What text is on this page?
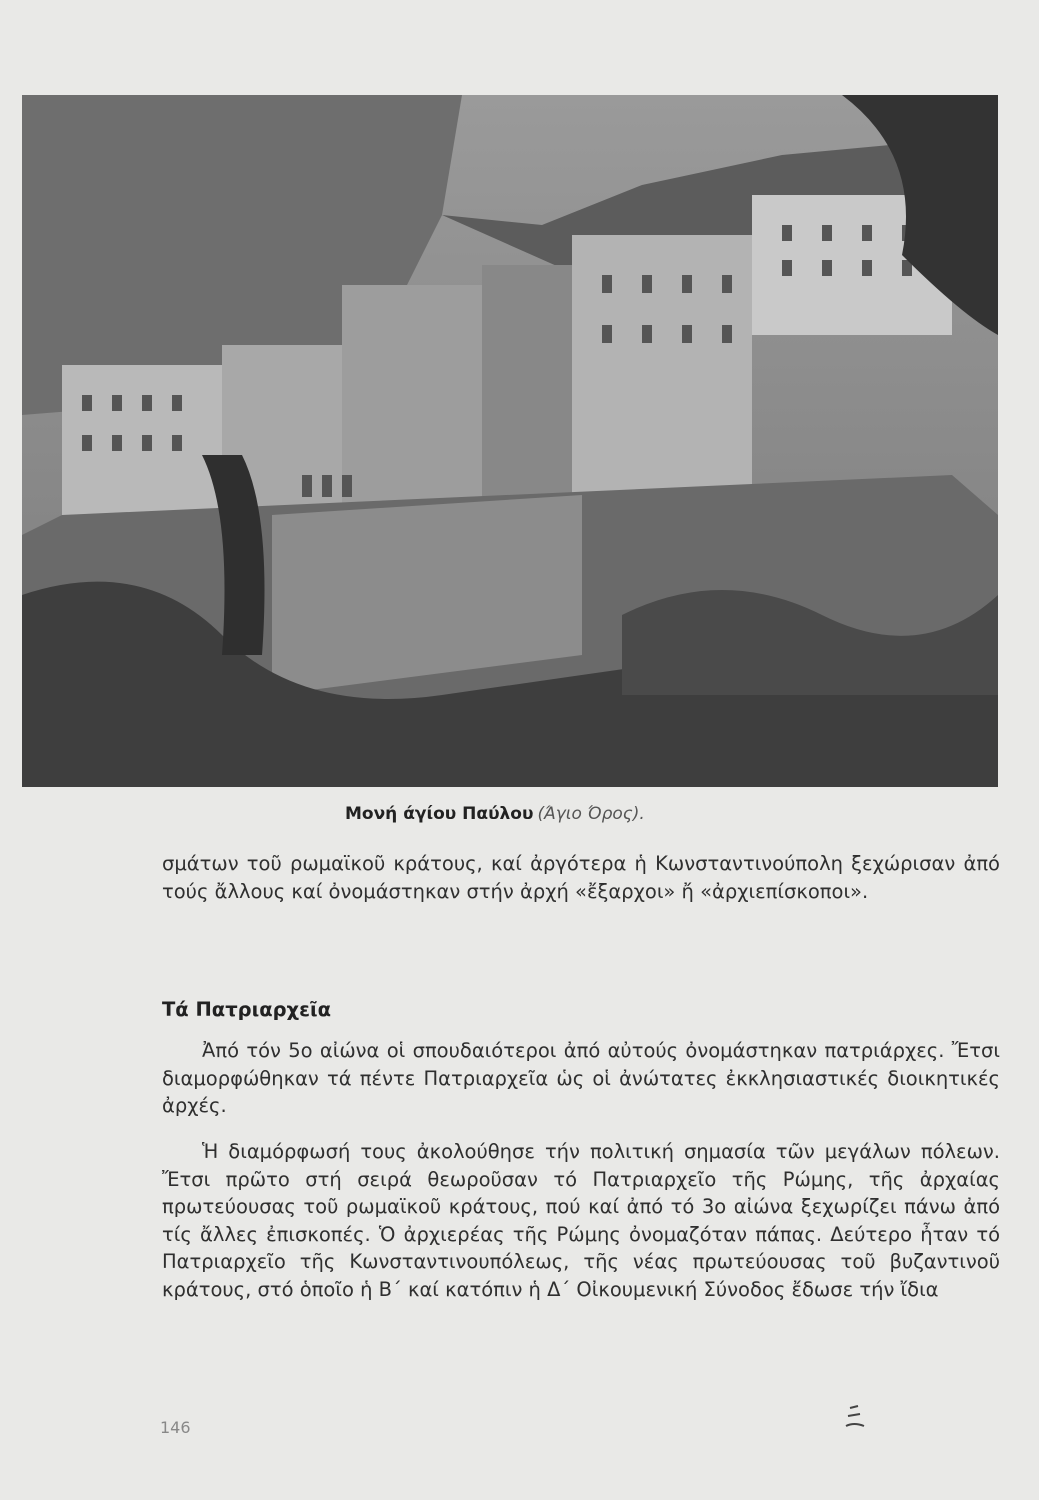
Μονή άγίου Παύλου (Άγιο Όρος).
σμάτων τοῦ ρωμαϊκοῦ κράτους, καί ἀργότερα ἡ Κωνσταντινούπολη ξεχώρισαν ἀπό τούς ἄλλους καί ὀνομάστηκαν στήν ἀρχή «ἔξαρχοι» ἤ «ἀρχιεπίσκοποι».
Τά Πατριαρχεῖα
Ἀπό τόν 5ο αἰώνα οἱ σπουδαιότεροι ἀπό αὐτούς ὀνομάστηκαν πατριάρχες. Ἔτσι διαμορφώθηκαν τά πέντε Πατριαρχεῖα ὡς οἱ ἀνώτατες ἐκκλησιαστικές διοικητικές ἀρχές.
Ἡ διαμόρφωσή τους ἀκολούθησε τήν πολιτική σημασία τῶν μεγάλων πόλεων. Ἔτσι πρῶτο στή σειρά θεωροῦσαν τό Πατριαρχεῖο τῆς Ρώμης, τῆς ἀρχαίας πρωτεύουσας τοῦ ρωμαϊκοῦ κράτους, πού καί ἀπό τό 3ο αἰώνα ξεχωρίζει πάνω ἀπό τίς ἄλλες ἐπισκοπές. Ὁ ἀρχιερέας τῆς Ρώμης ὀνομαζόταν πάπας. Δεύτερο ἦταν τό Πατριαρχεῖο τῆς Κωνσταντινουπόλεως, τῆς νέας πρωτεύουσας τοῦ βυζαντινοῦ κράτους, στό ὁποῖο ἡ Β΄ καί κατόπιν ἡ Δ΄ Οἰκουμενική Σύνοδος ἔδωσε τήν ἴδια
146
